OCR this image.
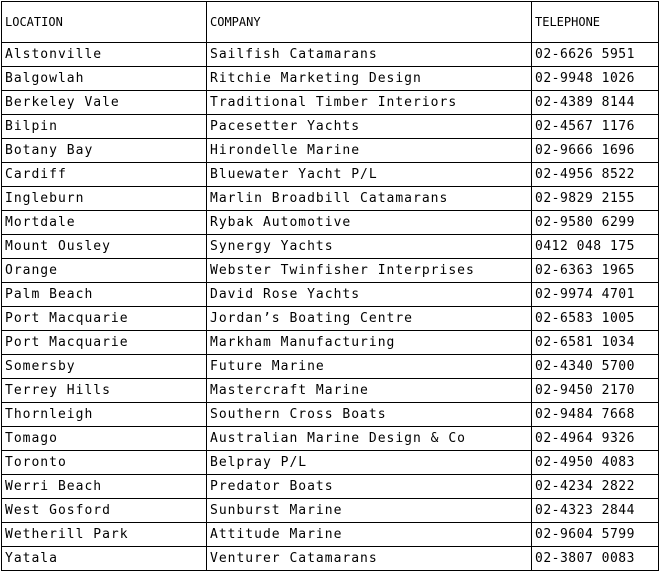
LOCATION	COMPANY	TELEPHONE
Alstonville	Sailfish Catamarans	02-6626 5951
Balgowlah	Ritchie Marketing Design	02-9948 1026
Berkeley Vale	Traditional Timber Interiors	02-4389 8144
Bilpin	Pacesetter Yachts	02-4567 1176
Botany Bay	Hirondelle Marine	02-9666 1696
Cardiff	Bluewater Yacht P/L	02-4956 8522
Ingleburn	Marlin Broadbill Catamarans	02-9829 2155
Mortdale	Rybak Automotive	02-9580 6299
Mount Ousley	Synergy Yachts	0412 048 175
Orange	Webster Twinfisher Interprises	02-6363 1965
Palm Beach	David Rose Yachts	02-9974 4701
Port Macquarie	Jordan’s Boating Centre	02-6583 1005
Port Macquarie	Markham Manufacturing	02-6581 1034
Somersby	Future Marine	02-4340 5700
Terrey Hills	Mastercraft Marine	02-9450 2170
Thornleigh	Southern Cross Boats	02-9484 7668
Tomago	Australian Marine Design & Co	02-4964 9326
Toronto	Belpray P/L	02-4950 4083
Werri Beach	Predator Boats	02-4234 2822
West Gosford	Sunburst Marine	02-4323 2844
Wetherill Park	Attitude Marine	02-9604 5799
Yatala	Venturer Catamarans	02-3807 0083
